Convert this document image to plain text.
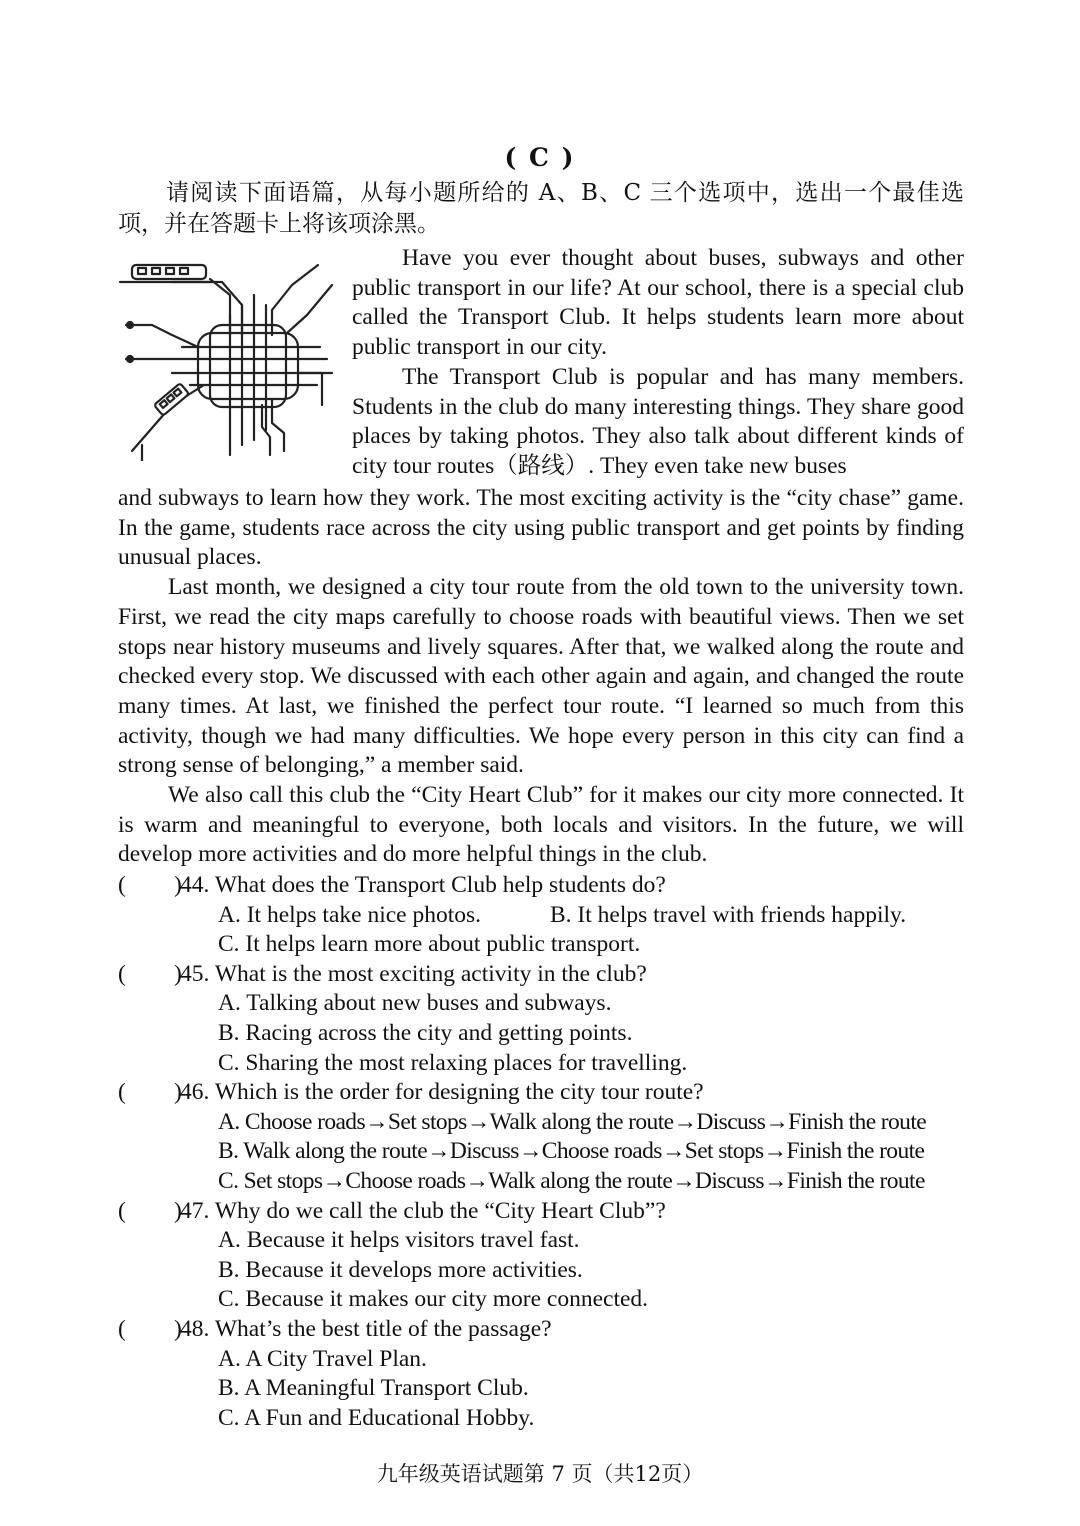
( C )
请阅读下面语篇，从每小题所给的 A、B、C 三个选项中，选出一个最佳选项，并在答题卡上将该项涂黑。

Have you ever thought about buses, subways and other public transport in our life? At our school, there is a special club called the Transport Club. It helps students learn more about public transport in our city.

The Transport Club is popular and has many members. Students in the club do many interesting things. They share good places by taking photos. They also talk about different kinds of city tour routes（路线）. They even take new buses

and subways to learn how they work. The most exciting activity is the “city chase” game. In the game, students race across the city using public transport and get points by finding unusual places.

Last month, we designed a city tour route from the old town to the university town. First, we read the city maps carefully to choose roads with beautiful views. Then we set stops near history museums and lively squares. After that, we walked along the route and checked every stop. We discussed with each other again and again, and changed the route many times. At last, we finished the perfect tour route. “I learned so much from this activity, though we had many difficulties. We hope every person in this city can find a strong sense of belonging,” a member said.

We also call this club the “City Heart Club” for it makes our city more connected. It is warm and meaningful to everyone, both locals and visitors. In the future, we will develop more activities and do more helpful things in the club.

( )
44. What does the Transport Club help students do?
A. It helps take nice photos.	B. It helps travel with friends happily.
C. It helps learn more about public transport.
( )
45. What is the most exciting activity in the club?
A. Talking about new buses and subways.
B. Racing across the city and getting points.
C. Sharing the most relaxing places for travelling.
( )
46. Which is the order for designing the city tour route?
A. Choose roads→Set stops→Walk along the route→Discuss→Finish the route
B. Walk along the route→Discuss→Choose roads→Set stops→Finish the route
C. Set stops→Choose roads→Walk along the route→Discuss→Finish the route
( )
47. Why do we call the club the “City Heart Club”?
A. Because it helps visitors travel fast.
B. Because it develops more activities.
C. Because it makes our city more connected.
( )
48. What’s the best title of the passage?
A. A City Travel Plan.
B. A Meaningful Transport Club.
C. A Fun and Educational Hobby.
九年级英语试题第 7 页（共12页）
